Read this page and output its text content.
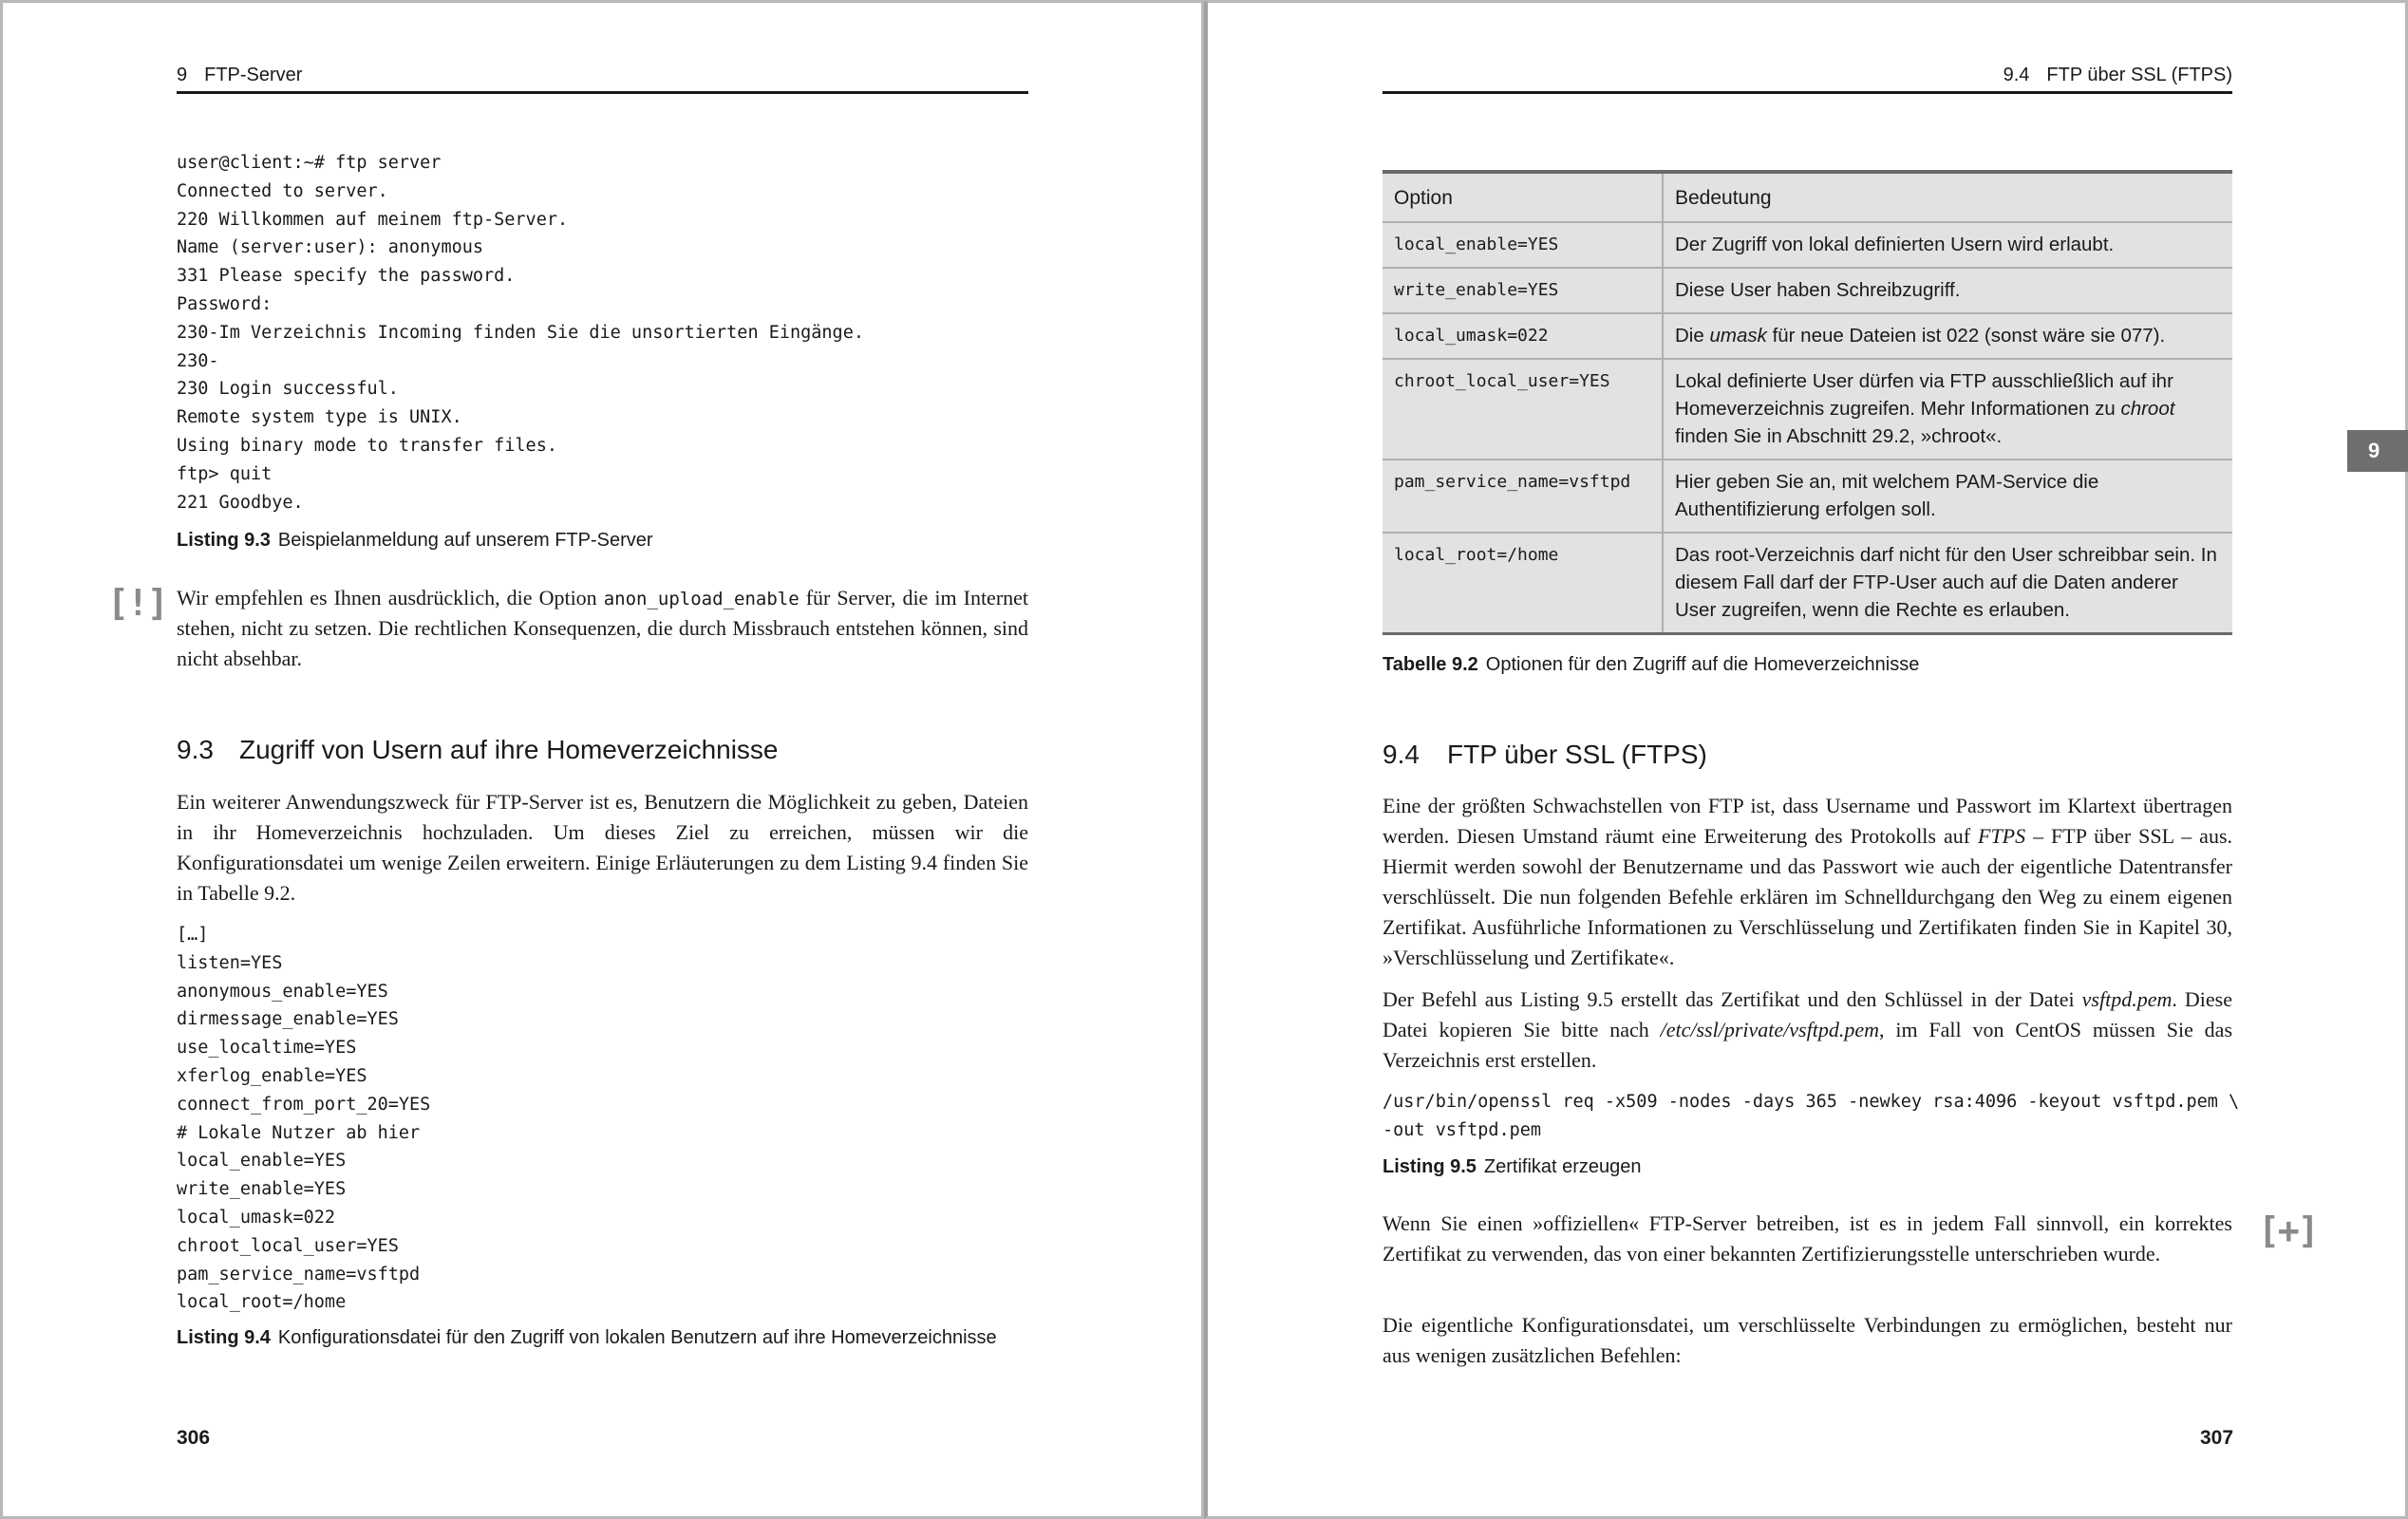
9 FTP-Server
user@client:~# ftp server
Connected to server.
220 Willkommen auf meinem ftp-Server.
Name (server:user): anonymous
331 Please specify the password.
Password:
230-Im Verzeichnis Incoming finden Sie die unsortierten Eingänge.
230-
230 Login successful.
Remote system type is UNIX.
Using binary mode to transfer files.
ftp> quit
221 Goodbye.
Listing 9.3 Beispielanmeldung auf unserem FTP-Server
[!] Wir empfehlen es Ihnen ausdrücklich, die Option anon_upload_enable für Server, die im Internet stehen, nicht zu setzen. Die rechtlichen Konsequenzen, die durch Missbrauch entstehen können, sind nicht absehbar.
9.3 Zugriff von Usern auf ihre Homeverzeichnisse
Ein weiterer Anwendungszweck für FTP-Server ist es, Benutzern die Möglichkeit zu geben, Dateien in ihr Homeverzeichnis hochzuladen. Um dieses Ziel zu erreichen, müssen wir die Konfigurationsdatei um wenige Zeilen erweitern. Einige Erläuterungen zu dem Listing 9.4 finden Sie in Tabelle 9.2.
[…]
listen=YES
anonymous_enable=YES
dirmessage_enable=YES
use_localtime=YES
xferlog_enable=YES
connect_from_port_20=YES
# Lokale Nutzer ab hier
local_enable=YES
write_enable=YES
local_umask=022
chroot_local_user=YES
pam_service_name=vsftpd
local_root=/home
Listing 9.4 Konfigurationsdatei für den Zugriff von lokalen Benutzern auf ihre Homeverzeichnisse
306
9.4 FTP über SSL (FTPS)
Option	Bedeutung
local_enable=YES	Der Zugriff von lokal definierten Usern wird erlaubt.
write_enable=YES	Diese User haben Schreibzugriff.
local_umask=022	Die umask für neue Dateien ist 022 (sonst wäre sie 077).
chroot_local_user=YES	Lokal definierte User dürfen via FTP ausschließlich auf ihr Homeverzeichnis zugreifen. Mehr Informationen zu chroot finden Sie in Abschnitt 29.2, »chroot«.
pam_service_name=vsftpd	Hier geben Sie an, mit welchem PAM-Service die Authentifizierung erfolgen soll.
local_root=/home	Das root-Verzeichnis darf nicht für den User schreibbar sein. In diesem Fall darf der FTP-User auch auf die Daten anderer User zugreifen, wenn die Rechte es erlauben.
Tabelle 9.2 Optionen für den Zugriff auf die Homeverzeichnisse
9.4 FTP über SSL (FTPS)
Eine der größten Schwachstellen von FTP ist, dass Username und Passwort im Klartext übertragen werden. Diesen Umstand räumt eine Erweiterung des Protokolls auf FTPS – FTP über SSL – aus. Hiermit werden sowohl der Benutzername und das Passwort wie auch der eigentliche Datentransfer verschlüsselt. Die nun folgenden Befehle erklären im Schnelldurchgang den Weg zu einem eigenen Zertifikat. Ausführliche Informationen zu Verschlüsselung und Zertifikaten finden Sie in Kapitel 30, »Verschlüsselung und Zertifikate«.
Der Befehl aus Listing 9.5 erstellt das Zertifikat und den Schlüssel in der Datei vsftpd.pem. Diese Datei kopieren Sie bitte nach /etc/ssl/private/vsftpd.pem, im Fall von CentOS müssen Sie das Verzeichnis erst erstellen.
/usr/bin/openssl req -x509 -nodes -days 365 -newkey rsa:4096 -keyout vsftpd.pem \
-out vsftpd.pem
Listing 9.5 Zertifikat erzeugen
Wenn Sie einen »offiziellen« FTP-Server betreiben, ist es in jedem Fall sinnvoll, ein korrektes Zertifikat zu verwenden, das von einer bekannten Zertifizierungsstelle unterschrieben wurde.
[+]
Die eigentliche Konfigurationsdatei, um verschlüsselte Verbindungen zu ermöglichen, besteht nur aus wenigen zusätzlichen Befehlen:
307
9
